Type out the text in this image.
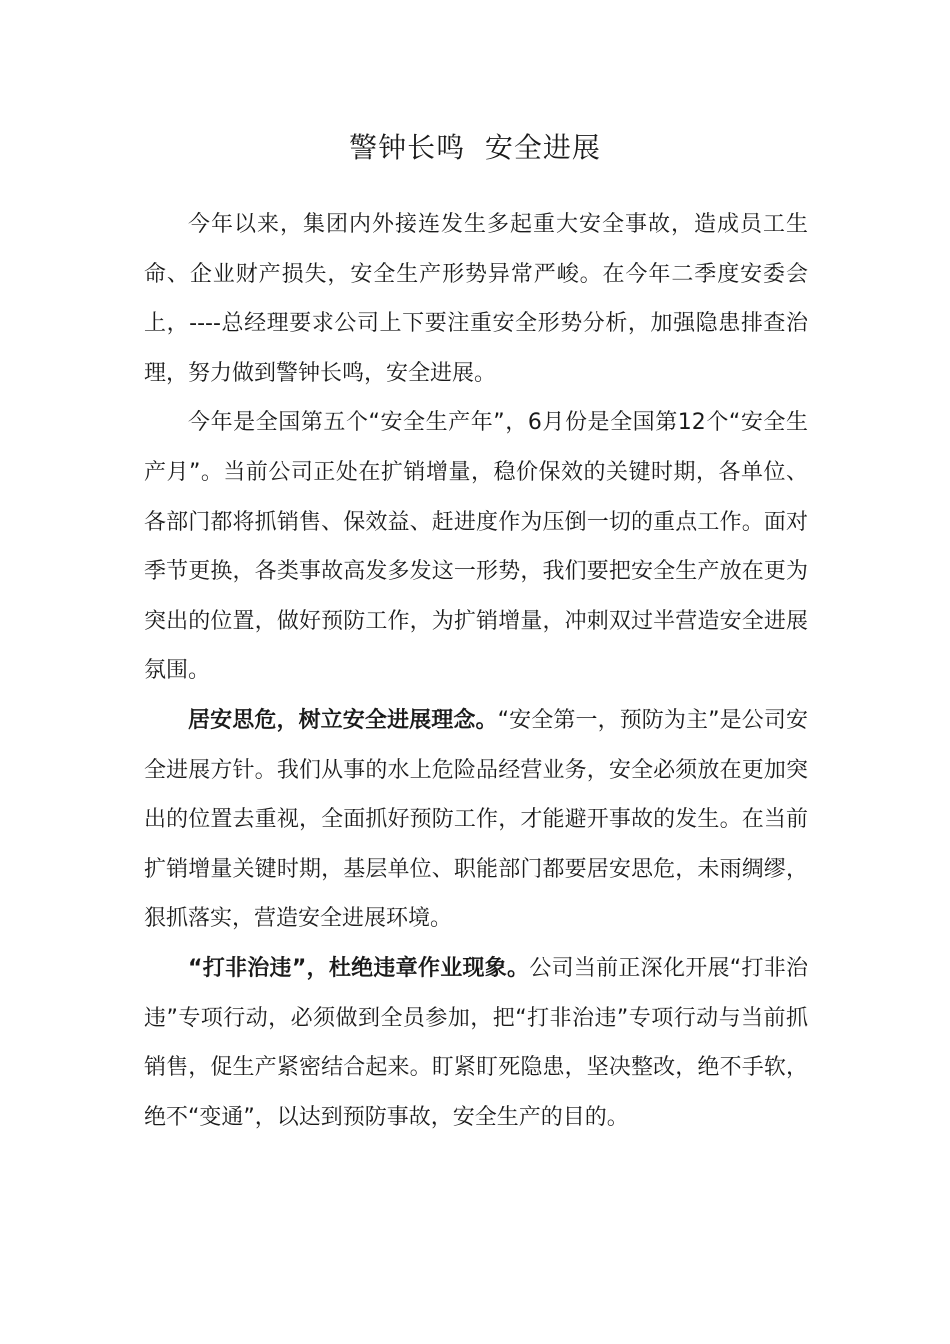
警钟长鸣  安全进展

今年以来，集团内外接连发生多起重大安全事故，造成员工生命、企业财产损失，安全生产形势异常严峻。在今年二季度安委会上，----总经理要求公司上下要注重安全形势分析，加强隐患排查治理，努力做到警钟长鸣，安全进展。

今年是全国第五个“安全生产年”，6月份是全国第12个“安全生产月”。当前公司正处在扩销增量，稳价保效的关键时期，各单位、各部门都将抓销售、保效益、赶进度作为压倒一切的重点工作。面对季节更换，各类事故高发多发这一形势，我们要把安全生产放在更为突出的位置，做好预防工作，为扩销增量，冲刺双过半营造安全进展氛围。

居安思危，树立安全进展理念。“安全第一，预防为主”是公司安全进展方针。我们从事的水上危险品经营业务，安全必须放在更加突出的位置去重视，全面抓好预防工作，才能避开事故的发生。在当前扩销增量关键时期，基层单位、职能部门都要居安思危，未雨绸缪，狠抓落实，营造安全进展环境。

“打非治违”，杜绝违章作业现象。公司当前正深化开展“打非治违”专项行动，必须做到全员参加，把“打非治违”专项行动与当前抓销售，促生产紧密结合起来。盯紧盯死隐患，坚决整改，绝不手软，绝不“变通”，以达到预防事故，安全生产的目的。
